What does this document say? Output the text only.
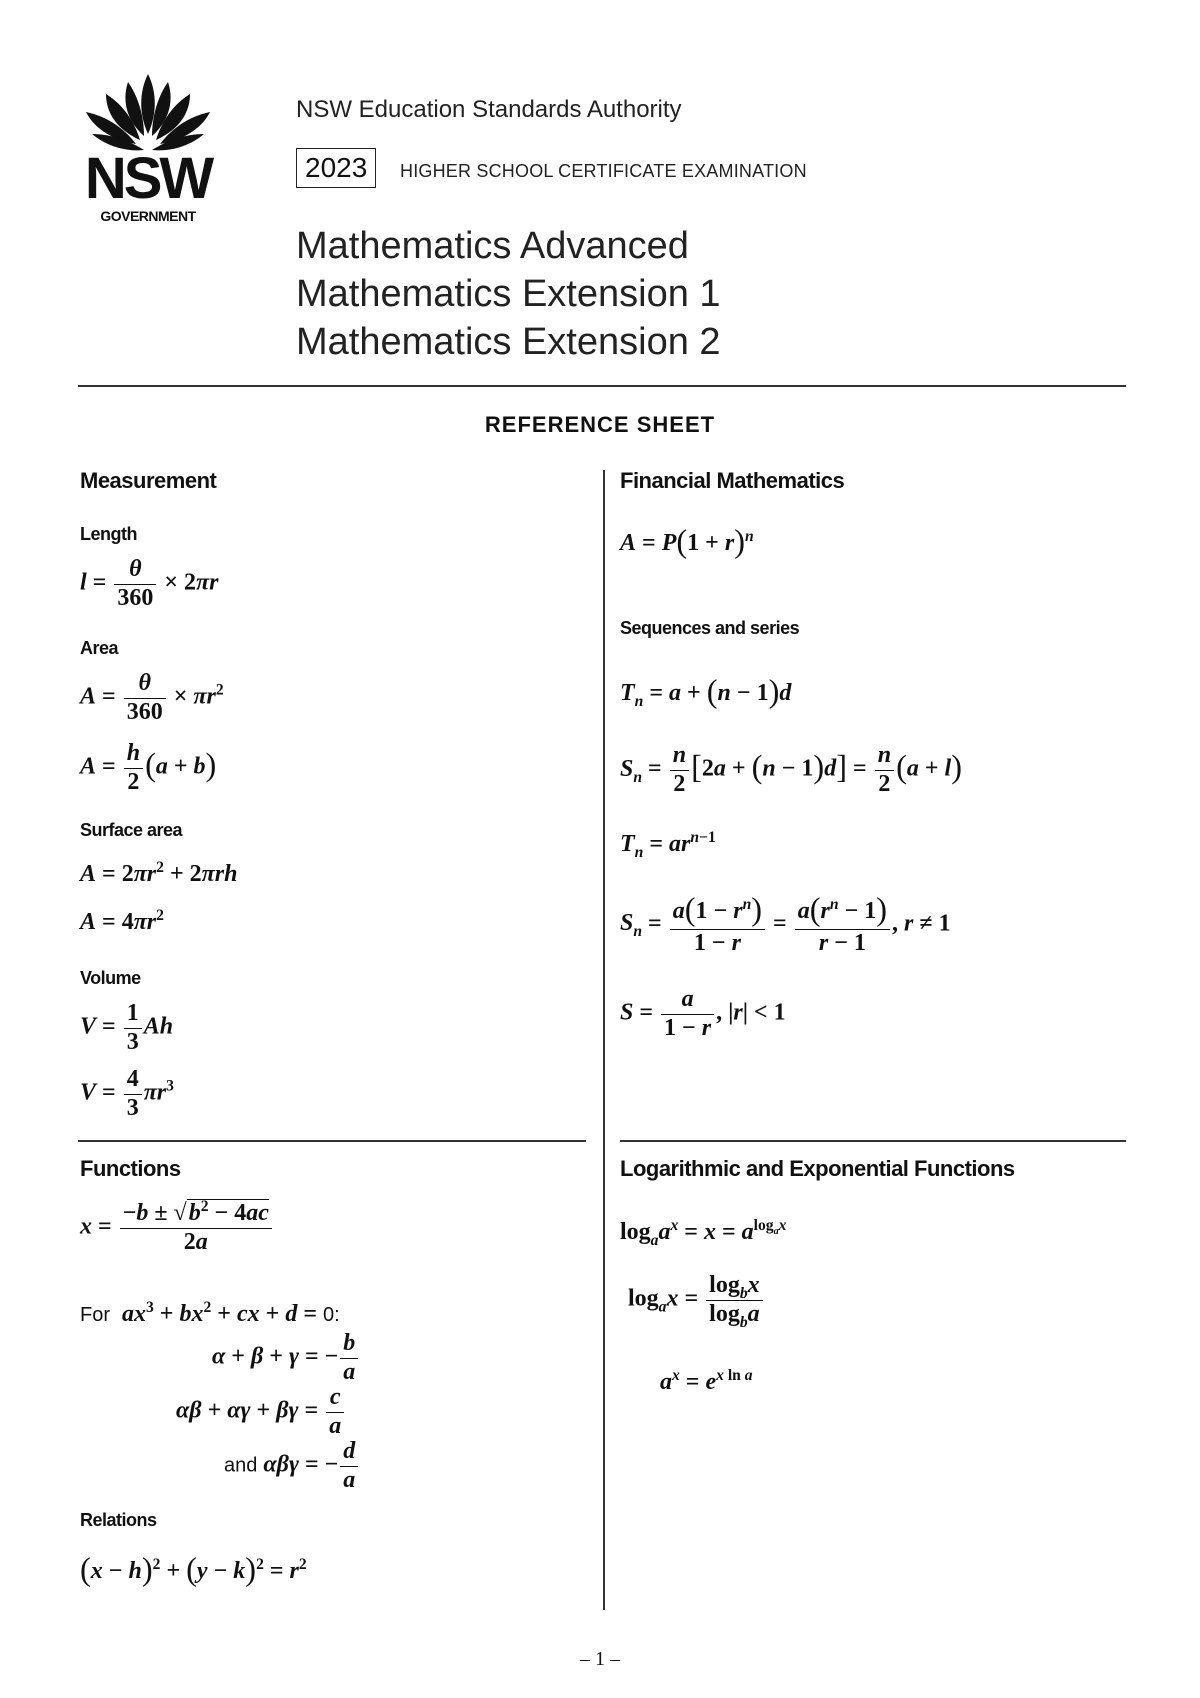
NSW
GOVERNMENT
NSW Education Standards Authority
2023	HIGHER SCHOOL CERTIFICATE EXAMINATION
Mathematics Advanced
Mathematics Extension 1
Mathematics Extension 2
REFERENCE SHEET
Measurement
Length
$l = \frac{\theta}{360} \times 2\pi r$
Area
$A = \frac{\theta}{360} \times \pi r^2$
$A = \frac{h}{2} (a + b)$
Surface area
$A = 2\pi r^2 + 2\pi rh$
$A = 4\pi r^2$
Volume
$V = \frac{1}{3}$ Ah
$V = \frac{4}{3} \pi r^3$
Functions
$x = \frac{-b \pm √b^2 - 4ac}{2a}$
For $ax^3 + bx^2$ + cx + d = 0:
α + β + γ = − $\frac{b}{a}$
$\alpha\beta + \alpha\gamma + \beta\gamma = \frac{c}{a}$
and αβγ = − $\frac{d}{a}$
Relations
$(x - h)^2 + (y - k)^2 = r^2$
Financial Mathematics
$A = P(1 + r)^n$
Sequences and series
$T_n = a + (n - 1)d$
$S_n = \frac{n}{2} [2a + (n - 1)d] = \frac{n}{2} (a + l)$
$T_n = ar^{n-1}$
$S_n = \frac{a(1 - r^n)}{1 - r} = \frac{a(r^n - 1)}{r - 1}$ , r ≠ 1
$S = \frac{a}{1 - r}$ , |r| < 1
Logarithmic and Exponential Functions
$\log_aa^x = x = a^{log_ax}$
$\log_ax = \frac{\log_bx}{\log_ba}$
$a^x = e^{x ln a}$
– 1 –
